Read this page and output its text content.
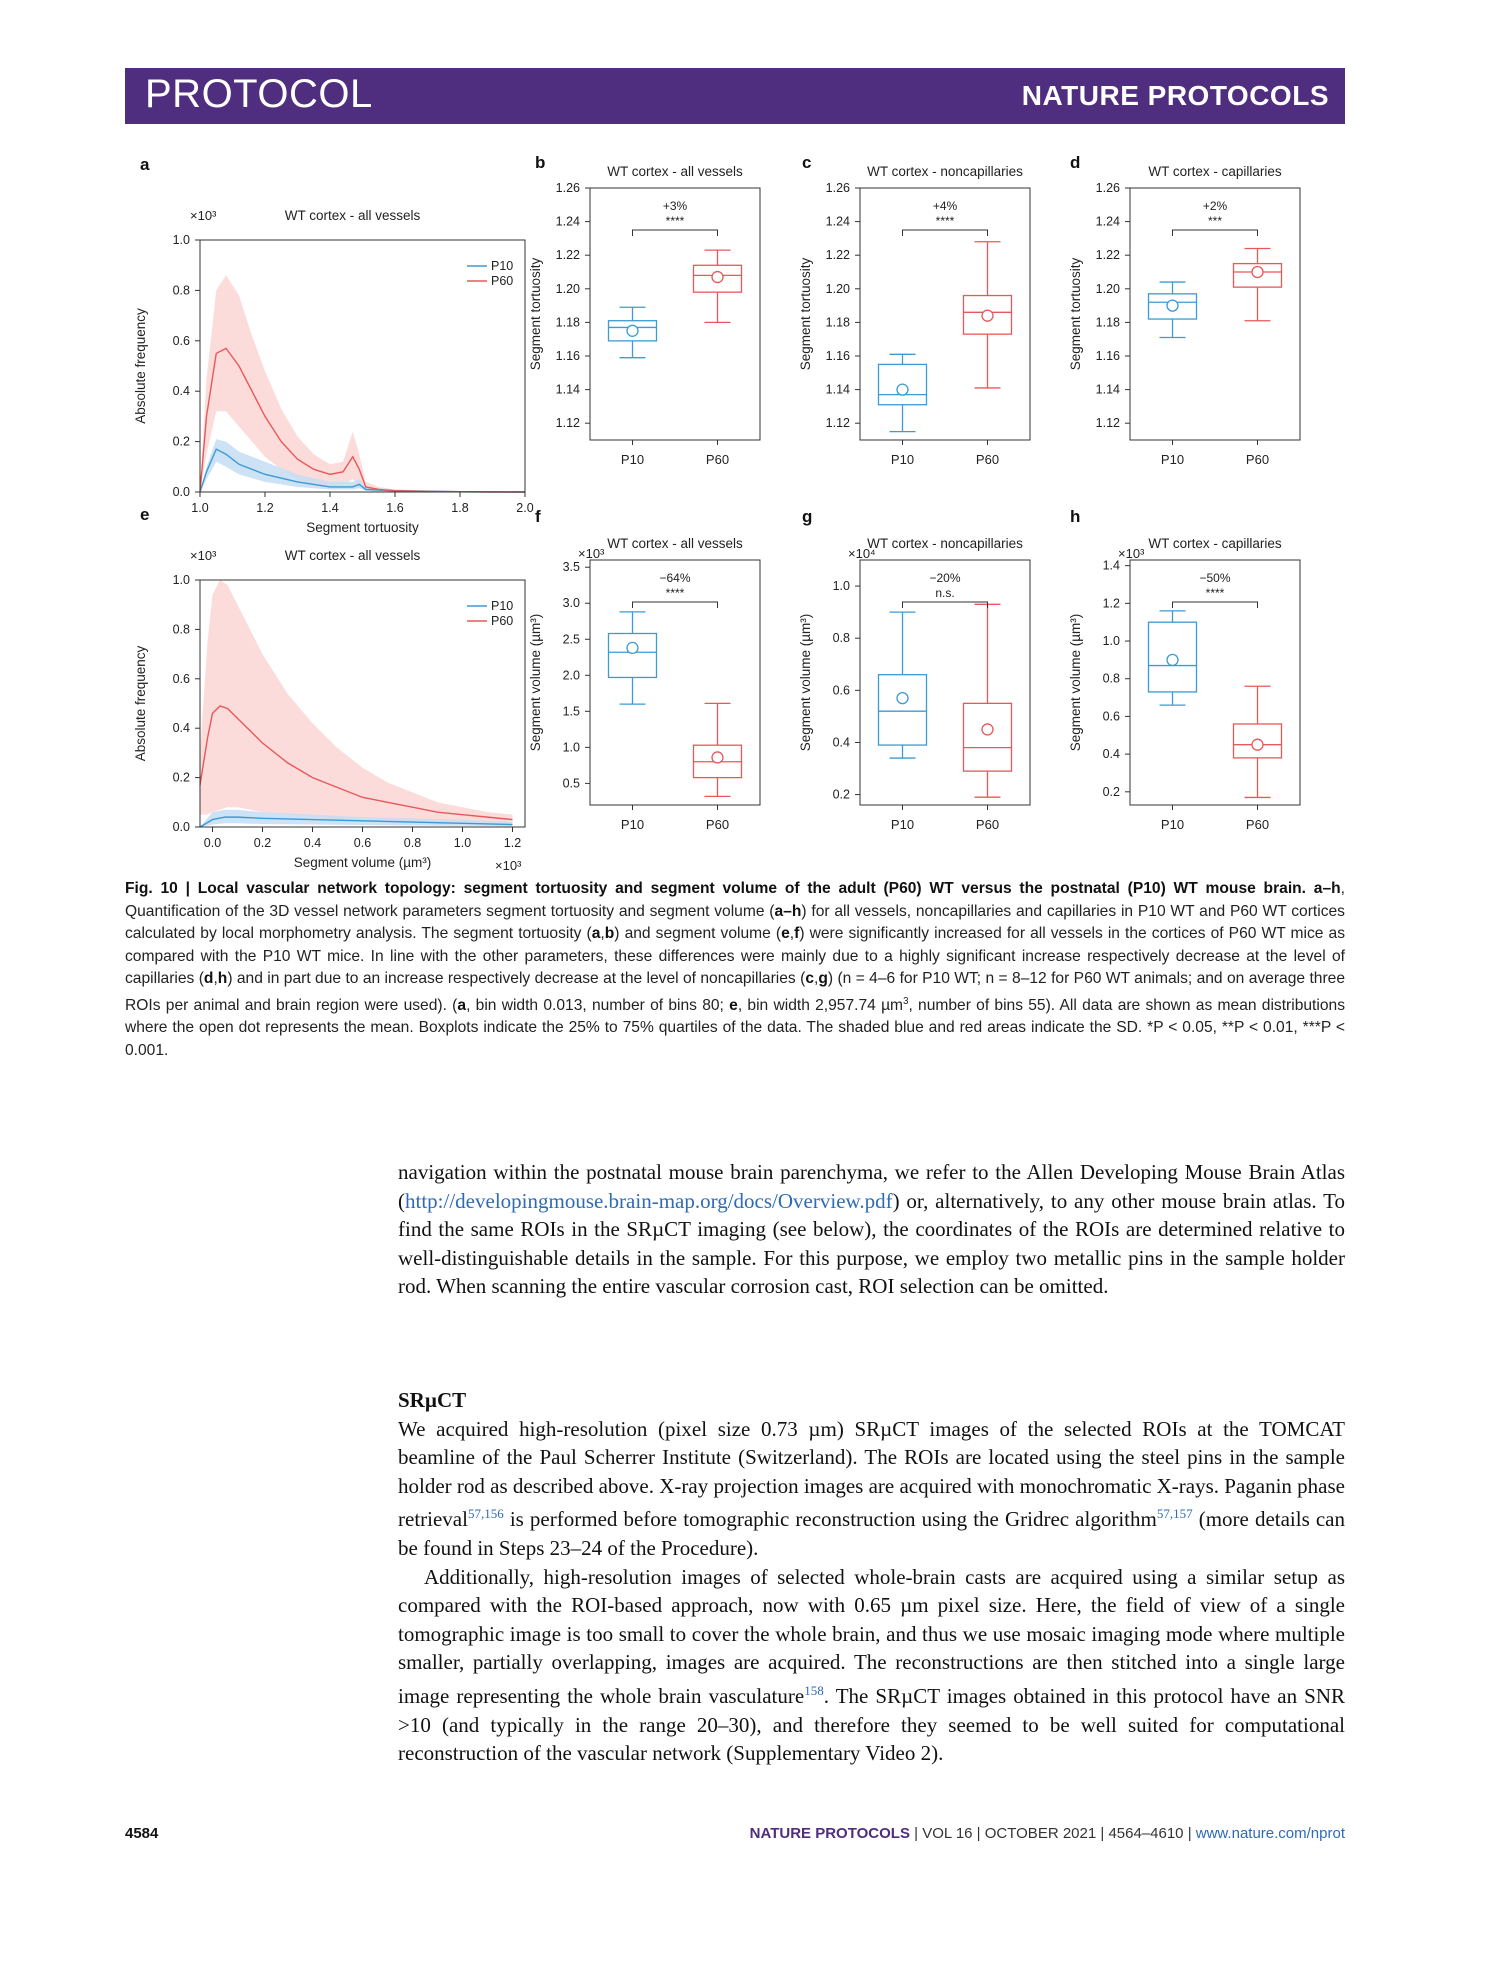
PROTOCOL	NATURE PROTOCOLS
a
0.0
0.2
0.4
0.6
0.8
1.0
1.0	1.2	1.4	1.6	1.8	2.0
Segment tortuosity
Absolute frequency
×10³	WT cortex - all vessels
P10
P60
b
1.12
1.14
1.16
1.18
1.20
1.22
1.24
1.26
P10	P60
+3%
****
WT cortex - all vessels
Segment tortuosity
c
1.12
1.14
1.16
1.18
1.20
1.22
1.24
1.26
P10	P60
+4%
****
WT cortex - noncapillaries
Segment tortuosity
d
1.12
1.14
1.16
1.18
1.20
1.22
1.24
1.26
P10	P60
+2%
***
WT cortex - capillaries
Segment tortuosity
e
0.0
0.2
0.4
0.6
0.8
1.0
0.0	0.2	0.4	0.6	0.8	1.0	1.2
Segment volume (µm³)
Absolute frequency
×10³
×10³
WT cortex - all vessels
P10
P60
f
0.5
1.0
1.5
2.0
2.5
3.0
3.5
P10	P60
−64%
****
WT cortex - all vessels
Segment volume (µm³)
×10³
g
0.2
0.4
0.6
0.8
1.0
P10	P60
−20%
n.s.
WT cortex - noncapillaries
Segment volume (µm³)
×10⁴
h
0.2
0.4
0.6
0.8
1.0
1.2
1.4
P10	P60
−50%
****
WT cortex - capillaries
Segment volume (µm³)
×10³
Fig. 10 | Local vascular network topology: segment tortuosity and segment volume of the adult (P60) WT versus the postnatal (P10) WT mouse brain. a–h, Quantification of the 3D vessel network parameters segment tortuosity and segment volume (a–h) for all vessels, noncapillaries and capillaries in P10 WT and P60 WT cortices calculated by local morphometry analysis. The segment tortuosity (a,b) and segment volume (e,f) were significantly increased for all vessels in the cortices of P60 WT mice as compared with the P10 WT mice. In line with the other parameters, these differences were mainly due to a highly significant increase respectively decrease at the level of capillaries (d,h) and in part due to an increase respectively decrease at the level of noncapillaries (c,g) (n = 4–6 for P10 WT; n = 8–12 for P60 WT animals; and on average three ROIs per animal and brain region were used). (a, bin width 0.013, number of bins 80; e, bin width 2,957.74 µm$^3$, number of bins 55). All data are shown as mean distributions where the open dot represents the mean. Boxplots indicate the 25% to 75% quartiles of the data. The shaded blue and red areas indicate the SD. *P < 0.05, **P < 0.01, ***P < 0.001.

navigation within the postnatal mouse brain parenchyma, we refer to the Allen Developing Mouse Brain Atlas (http://developingmouse.brain-map.org/docs/Overview.pdf) or, alternatively, to any other mouse brain atlas. To find the same ROIs in the SRµCT imaging (see below), the coordinates of the ROIs are determined relative to well-distinguishable details in the sample. For this purpose, we employ two metallic pins in the sample holder rod. When scanning the entire vascular corrosion cast, ROI selection can be omitted.

SRµCT

We acquired high-resolution (pixel size 0.73 µm) SRµCT images of the selected ROIs at the TOMCAT beamline of the Paul Scherrer Institute (Switzerland). The ROIs are located using the steel pins in the sample holder rod as described above. X-ray projection images are acquired with monochromatic X-rays. Paganin phase retrieval$^{57,156}$ is performed before tomographic reconstruction using the Gridrec algorithm$^{57,157}$ (more details can be found in Steps 23–24 of the Procedure).

Additionally, high-resolution images of selected whole-brain casts are acquired using a similar setup as compared with the ROI-based approach, now with 0.65 µm pixel size. Here, the field of view of a single tomographic image is too small to cover the whole brain, and thus we use mosaic imaging mode where multiple smaller, partially overlapping, images are acquired. The reconstructions are then stitched into a single large image representing the whole brain vasculature$^{158}$. The SRµCT images obtained in this protocol have an SNR >10 (and typically in the range 20–30), and therefore they seemed to be well suited for computational reconstruction of the vascular network (Supplementary Video 2).

4584	NATURE PROTOCOLS | VOL 16 | OCTOBER 2021 | 4564–4610 | www.nature.com/nprot
